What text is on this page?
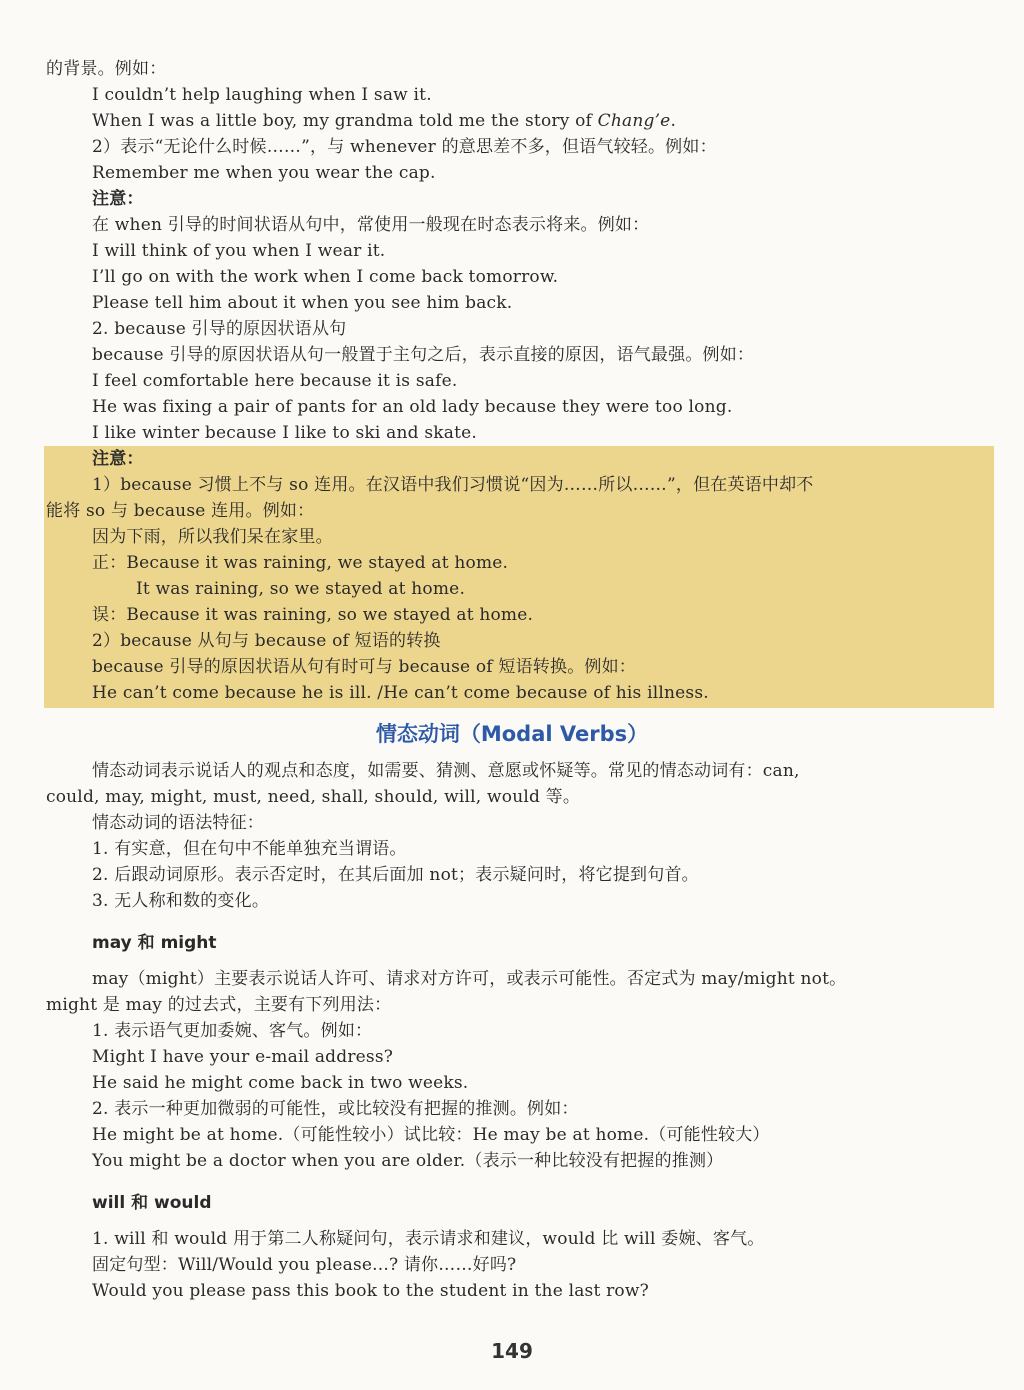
的背景。例如：
I couldn’t help laughing when I saw it.
When I was a little boy, my grandma told me the story of Chang’e.
2）表示“无论什么时候……”，与 whenever 的意思差不多，但语气较轻。例如：
Remember me when you wear the cap.
注意：
在 when 引导的时间状语从句中，常使用一般现在时态表示将来。例如：
I will think of you when I wear it.
I’ll go on with the work when I come back tomorrow.
Please tell him about it when you see him back.
2. because 引导的原因状语从句
because 引导的原因状语从句一般置于主句之后，表示直接的原因，语气最强。例如：
I feel comfortable here because it is safe.
He was fixing a pair of pants for an old lady because they were too long.
I like winter because I like to ski and skate.
注意：
1）because 习惯上不与 so 连用。在汉语中我们习惯说“因为……所以……”，但在英语中却不
能将 so 与 because 连用。例如：
因为下雨，所以我们呆在家里。
正：Because it was raining, we stayed at home.
It was raining, so we stayed at home.
误：Because it was raining, so we stayed at home.
2）because 从句与 because of 短语的转换
because 引导的原因状语从句有时可与 because of 短语转换。例如：
He can’t come because he is ill. /He can’t come because of his illness.
情态动词（Modal Verbs）
情态动词表示说话人的观点和态度，如需要、猜测、意愿或怀疑等。常见的情态动词有：can,
could, may, might, must, need, shall, should, will, would 等。
情态动词的语法特征：
1. 有实意，但在句中不能单独充当谓语。
2. 后跟动词原形。表示否定时，在其后面加 not；表示疑问时，将它提到句首。
3. 无人称和数的变化。
may 和 might
may（might）主要表示说话人许可、请求对方许可，或表示可能性。否定式为 may/might not。
might 是 may 的过去式，主要有下列用法：
1. 表示语气更加委婉、客气。例如：
Might I have your e-mail address?
He said he might come back in two weeks.
2. 表示一种更加微弱的可能性，或比较没有把握的推测。例如：
He might be at home.（可能性较小）试比较：He may be at home.（可能性较大）
You might be a doctor when you are older.（表示一种比较没有把握的推测）
will 和 would
1. will 和 would 用于第二人称疑问句，表示请求和建议，would 比 will 委婉、客气。
固定句型：Will/Would you please...? 请你……好吗?
Would you please pass this book to the student in the last row?
149
